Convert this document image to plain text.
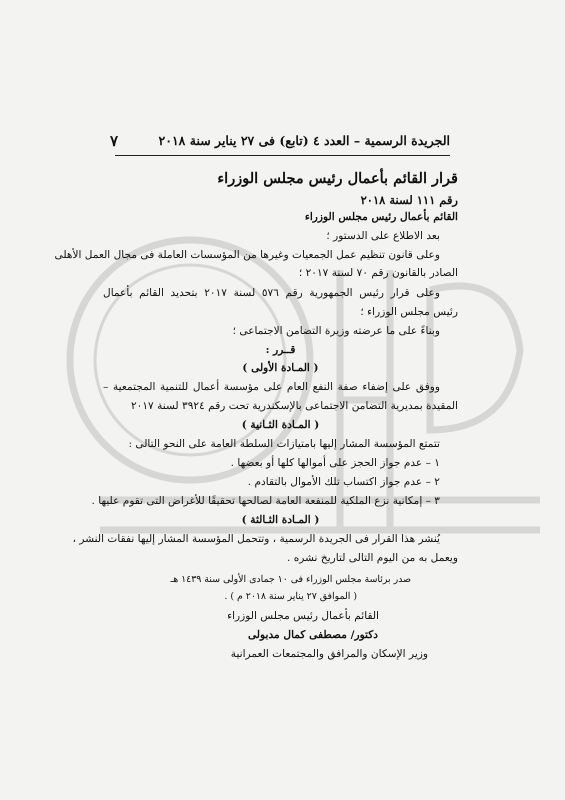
الجريدة الرسمية – العدد ٤ (تابع) فى ٢٧ يناير سنة ٢٠١٨
٧
قرار القائم بأعمال رئيس مجلس الوزراء
رقم ١١١ لسنة ٢٠١٨
القائم بأعمال رئيس مجلس الوزراء
بعد الاطلاع على الدستور ؛
وعلى قانون تنظيم عمل الجمعيات وغيرها من المؤسسات العاملة فى مجال العمل الأهلى
الصادر بالقانون رقم ٧٠ لسنة ٢٠١٧ ؛
وعلى قرار رئيس الجمهورية رقم ٥٧٦ لسنة ٢٠١٧ بتحديد القائم بأعمال
رئيس مجلس الوزراء ؛
وبناءً على ما عرضته وزيرة التضامن الاجتماعى ؛
قــرر :
( المـادة الأولى )
ووفق على إضفاء صفة النفع العام على مؤسسة أعمال للتنمية المجتمعية –
المقيدة بمديرية التضامن الاجتماعى بالإسكندرية تحت رقم ٣٩٢٤ لسنة ٢٠١٧
( المـادة الثـانية )
تتمتع المؤسسة المشار إليها بامتيازات السلطة العامة على النحو التالى :
١ – عدم جواز الحجز على أموالها كلها أو بعضها .
٢ – عدم جواز اكتساب تلك الأموال بالتقادم .
٣ – إمكانية نزع الملكية للمنفعة العامة لصالحها تحقيقًا للأغراض التى تقوم عليها .
( المـادة الثـالثة )
يُنشر هذا القرار فى الجريدة الرسمية ، وتتحمل المؤسسة المشار إليها نفقات النشر ،
ويعمل به من اليوم التالى لتاريخ نشره .
صدر برئاسة مجلس الوزراء فى ١٠ جمادى الأولى سنة ١٤٣٩ هـ
( الموافق ٢٧ يناير سنة ٢٠١٨ م ) .
القائم بأعمال رئيس مجلس الوزراء
دكتور/ مصطفى كمال مدبولى
وزير الإسكان والمرافق والمجتمعات العمرانية
